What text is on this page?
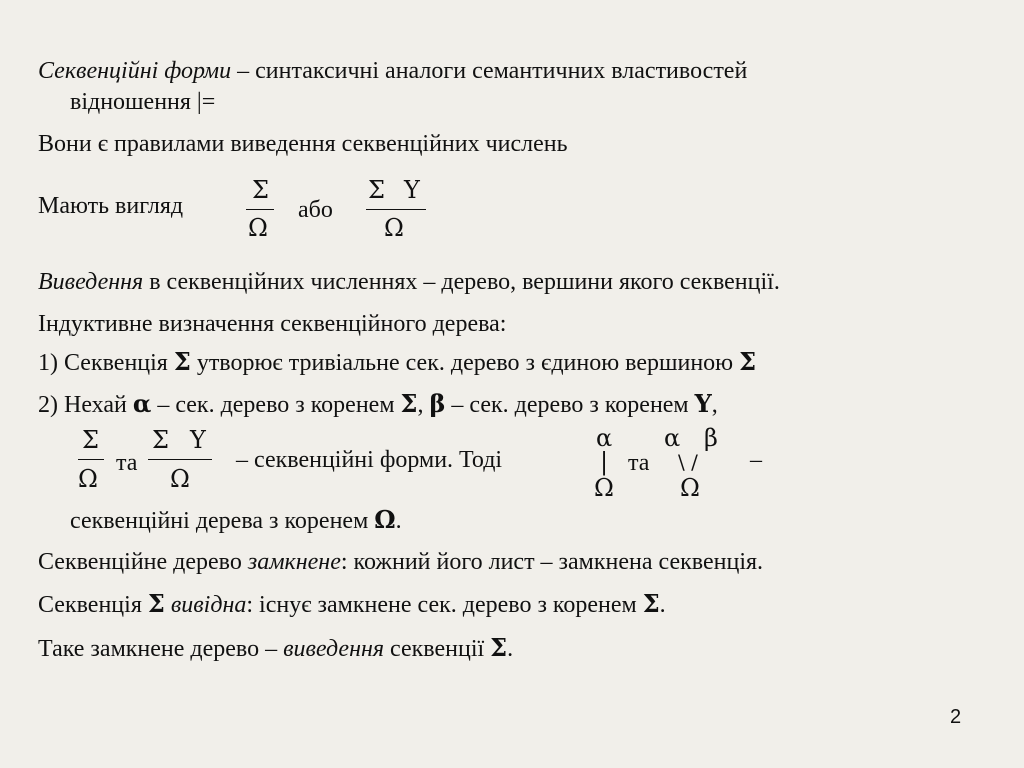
Секвенційні форми – синтаксичні аналоги семантичних властивостей
відношення |=
Вони є правилами виведення секвенційних числень
Мають вигляд
Σ
Ω
або
Σ Υ
Ω
Виведення в секвенційних численнях – дерево, вершини якого секвенції.
Індуктивне визначення секвенційного дерева:
1) Секвенція Σ утворює тривіальне сек. дерево з єдиною вершиною Σ
2) Нехай α – сек. дерево з коренем Σ, β – сек. дерево з коренем Υ,
Σ
Ω
та
Σ Υ
Ω
– секвенційні форми. Тоді
α
|
Ω
та
α β
\ /
Ω
–
секвенційні дерева з коренем Ω.
Секвенційне дерево замкнене: кожний його лист – замкнена секвенція.
Секвенція Σ вивідна: існує замкнене сек. дерево з коренем Σ.
Таке замкнене дерево – виведення секвенції Σ.
2
